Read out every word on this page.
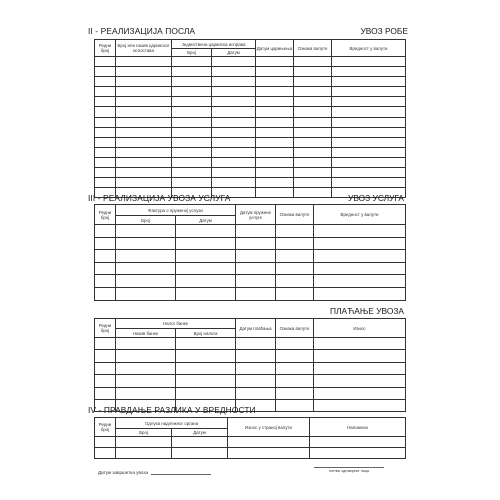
II - РЕАЛИЗАЦИЈА ПОСЛА	УВОЗ РОБЕ
Редни број	Број или назив царинског испостава	Јединствена царинска исправа		Датум царињења	Ознака валуте	Вредност у валути
		Број	Датум			

III - РЕАЛИЗАЦИЈА УВОЗА УСЛУГА	УВОЗ УСЛУГА
Редни број	Фактура о пруженој услузи		Датум пружене услуге	Ознака валуте	Вредност у валути
	Број	Датум			

ПЛАЋАЊЕ УВОЗА
Редни број	Налог банке		Датум плаћања	Ознака валуте	Износ
	Назив банке	Број налога			

IV - ПРАВДАЊЕ РАЗЛИКА У ВРЕДНОСТИ
Редни број	Одлука надлежног органа		Износ у страној валути	Напомена
	Број	Датум		

Датум завршетка увоза	потпис одговорног лица
